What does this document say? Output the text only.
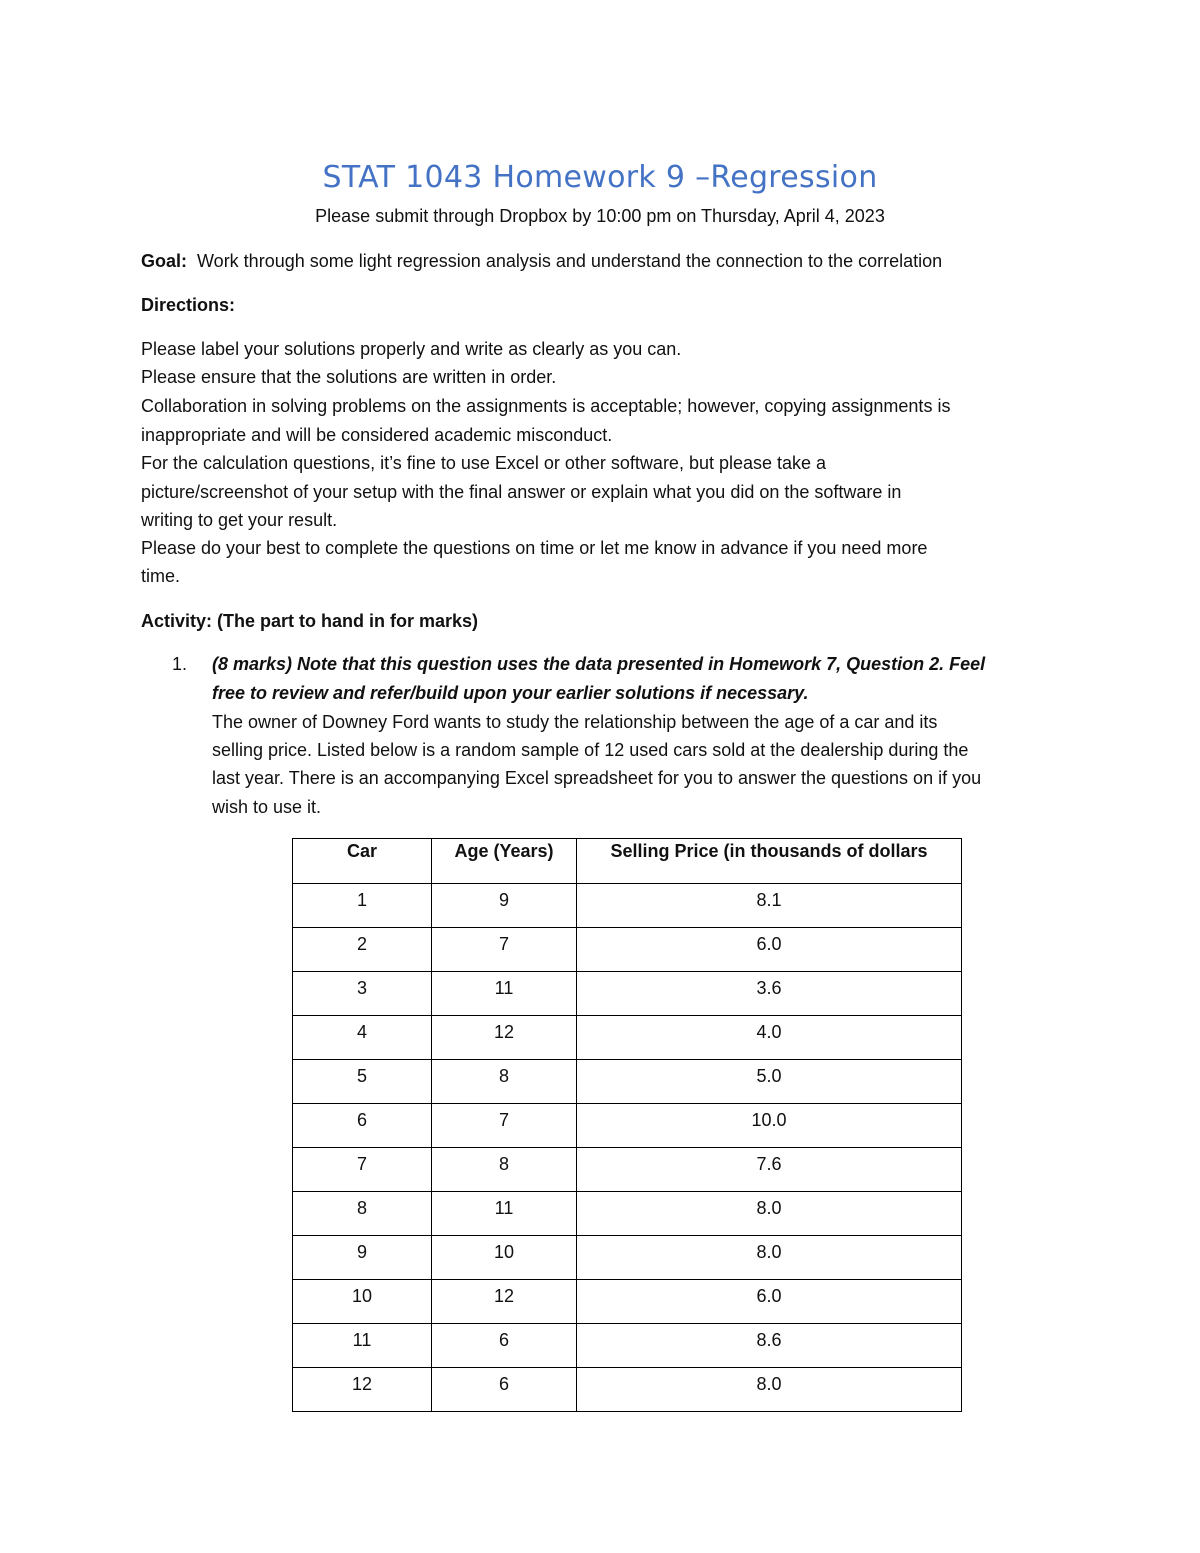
STAT 1043 Homework 9 –Regression
Please submit through Dropbox by 10:00 pm on Thursday, April 4, 2023
Goal: Work through some light regression analysis and understand the connection to the correlation
Directions:
Please label your solutions properly and write as clearly as you can.
Please ensure that the solutions are written in order.
Collaboration in solving problems on the assignments is acceptable; however, copying assignments is
inappropriate and will be considered academic misconduct.
For the calculation questions, it’s fine to use Excel or other software, but please take a
picture/screenshot of your setup with the final answer or explain what you did on the software in
writing to get your result.
Please do your best to complete the questions on time or let me know in advance if you need more
time.
Activity: (The part to hand in for marks)
1. (8 marks) Note that this question uses the data presented in Homework 7, Question 2. Feel
free to review and refer/build upon your earlier solutions if necessary.
The owner of Downey Ford wants to study the relationship between the age of a car and its
selling price. Listed below is a random sample of 12 used cars sold at the dealership during the
last year. There is an accompanying Excel spreadsheet for you to answer the questions on if you
wish to use it.
Car	Age (Years)	Selling Price (in thousands of dollars
1	9	8.1
2	7	6.0
3	11	3.6
4	12	4.0
5	8	5.0
6	7	10.0
7	8	7.6
8	11	8.0
9	10	8.0
10	12	6.0
11	6	8.6
12	6	8.0
